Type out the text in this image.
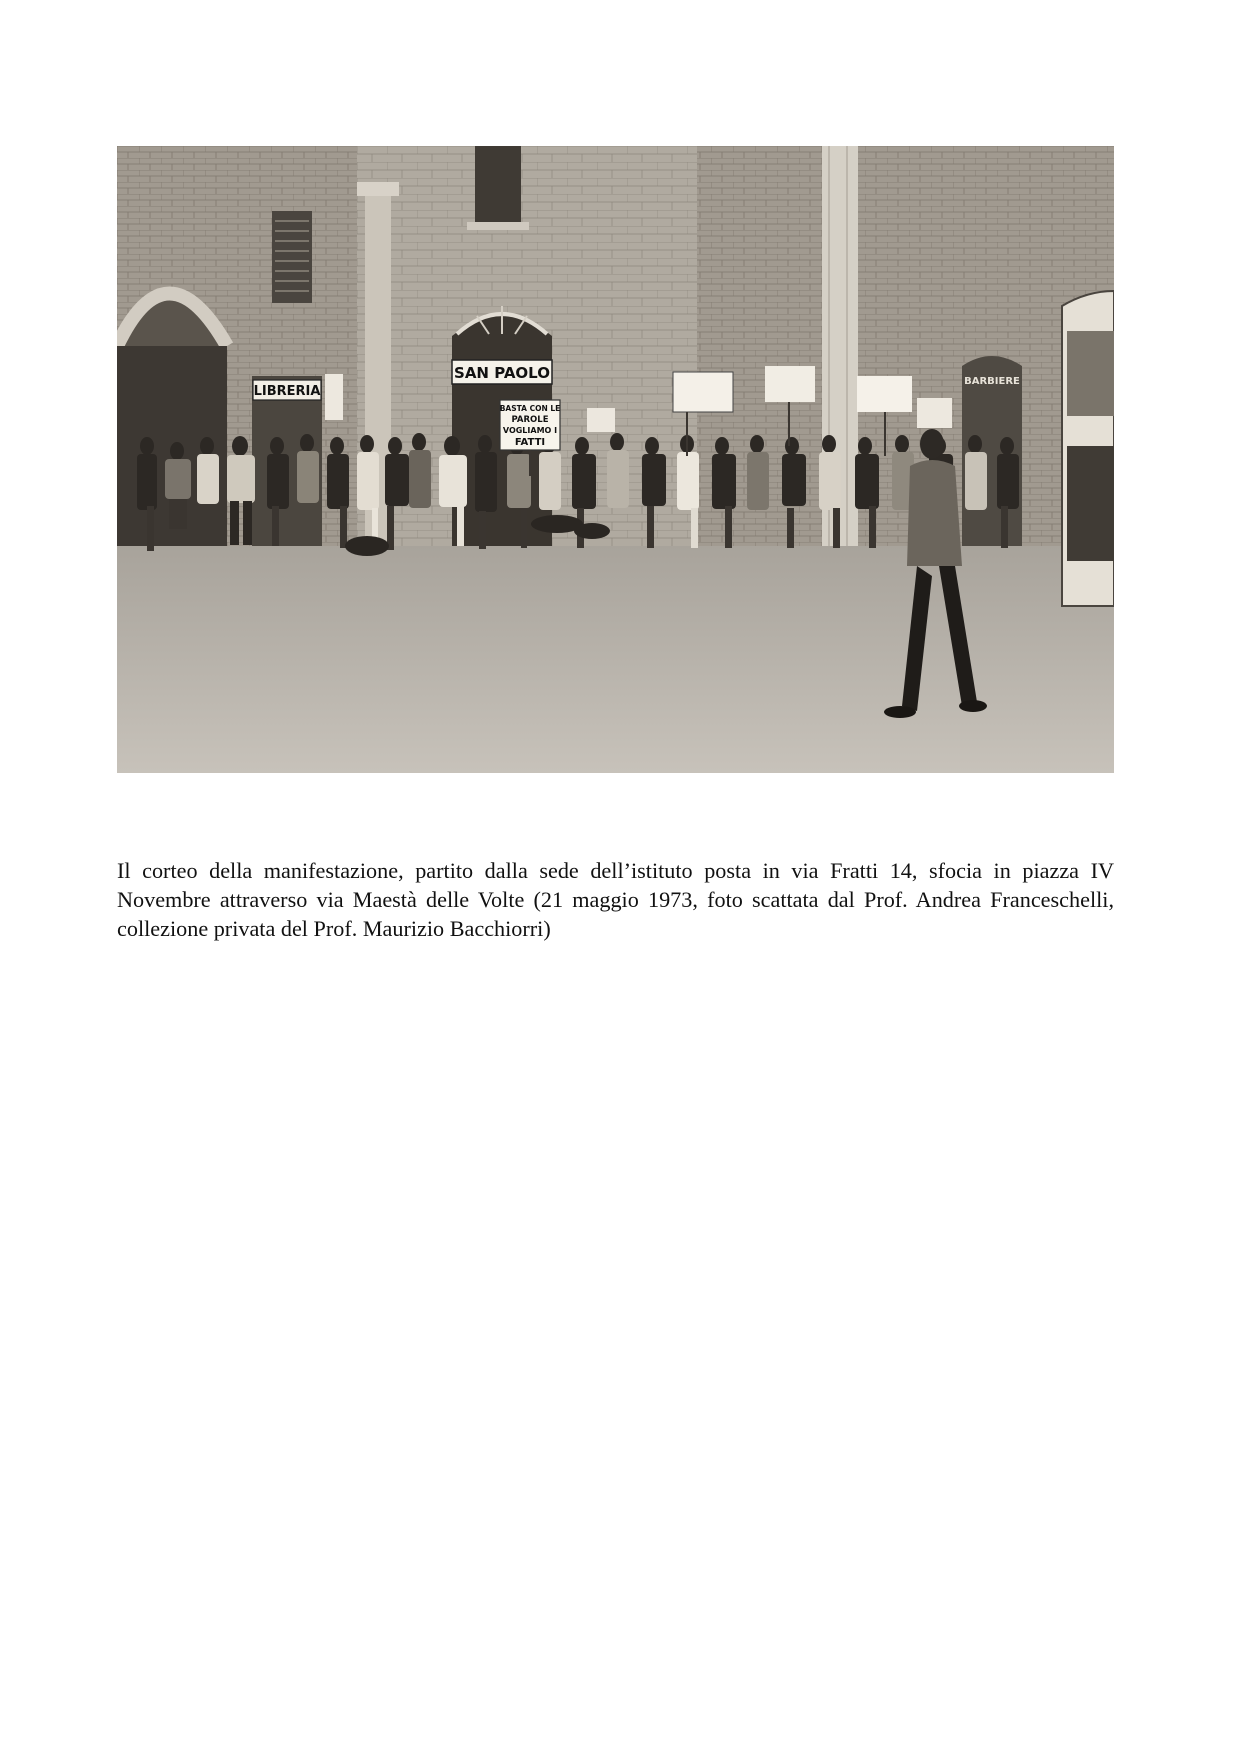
LIBRERIA
SAN PAOLO	BARBIERE
BASTA CON LE
PAROLE
VOGLIAMO I
FATTI

Il corteo della manifestazione, partito dalla sede dell’istituto posta in via Fratti 14, sfocia in piazza IV Novembre attraverso via Maestà delle Volte (21 maggio 1973, foto scattata dal Prof. Andrea Franceschelli, collezione privata del Prof. Maurizio Bacchiorri)
